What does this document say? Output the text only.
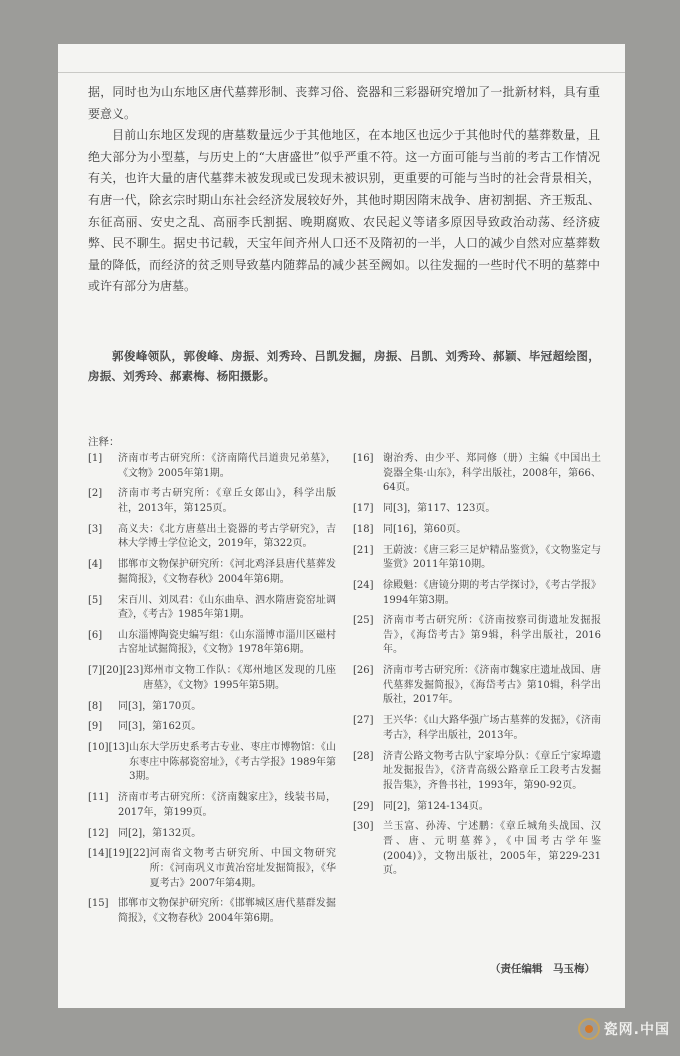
据，同时也为山东地区唐代墓葬形制、丧葬习俗、瓷器和三彩器研究增加了一批新材料，具有重要意义。

目前山东地区发现的唐墓数量远少于其他地区，在本地区也远少于其他时代的墓葬数量，且绝大部分为小型墓，与历史上的“大唐盛世”似乎严重不符。这一方面可能与当前的考古工作情况有关，也许大量的唐代墓葬未被发现或已发现未被识别，更重要的可能与当时的社会背景相关，有唐一代，除玄宗时期山东社会经济发展较好外，其他时期因隋末战争、唐初割据、齐王叛乱、东征高丽、安史之乱、高丽李氏割据、晚期腐败、农民起义等诸多原因导致政治动荡、经济疲弊、民不聊生。据史书记载，天宝年间齐州人口还不及隋初的一半，人口的减少自然对应墓葬数量的降低，而经济的贫乏则导致墓内随葬品的减少甚至阙如。以往发掘的一些时代不明的墓葬中或许有部分为唐墓。

郭俊峰领队，郭俊峰、房振、刘秀玲、吕凯发掘，房振、吕凯、刘秀玲、郝颖、毕冠超绘图，房振、刘秀玲、郝素梅、杨阳摄影。

注释：
[1]	济南市考古研究所：《济南隋代吕道贵兄弟墓》，《文物》2005年第1期。
[2]	济南市考古研究所：《章丘女郎山》，科学出版社，2013年，第125页。
[3]	高义夫：《北方唐墓出土瓷器的考古学研究》，吉林大学博士学位论文，2019年，第322页。
[4]	邯郸市文物保护研究所：《河北鸡泽县唐代墓葬发掘简报》，《文物春秋》2004年第6期。
[5]	宋百川、刘凤君：《山东曲阜、泗水隋唐瓷窑址调查》，《考古》1985年第1期。
[6]	山东淄博陶瓷史编写组：《山东淄博市淄川区磁村古窑址试掘简报》，《文物》1978年第6期。
[7][20][23] 郑州市文物工作队：《郑州地区发现的几座唐墓》，《文物》1995年第5期。
[8]	同[3]，第170页。
[9]	同[3]，第162页。
[10][13] 山东大学历史系考古专业、枣庄市博物馆：《山东枣庄中陈郝瓷窑址》，《考古学报》1989年第3期。
[11] 济南市考古研究所：《济南魏家庄》，线装书局，2017年，第199页。
[12] 同[2]，第132页。
[14][19][22] 河南省文物考古研究所、中国文物研究所：《河南巩义市黄冶窑址发掘简报》，《华夏考古》2007年第4期。
[15] 邯郸市文物保护研究所：《邯郸城区唐代墓群发掘简报》，《文物春秋》2004年第6期。
[16] 谢治秀、由少平、郑同修（册）主编《中国出土瓷器全集·山东》，科学出版社，2008年，第66、64页。
[17] 同[3]，第117、123页。
[18] 同[16]，第60页。
[21] 王蔚波：《唐三彩三足炉精品鉴赏》，《文物鉴定与鉴赏》2011年第10期。
[24] 徐殿魁：《唐镜分期的考古学探讨》，《考古学报》1994年第3期。
[25] 济南市考古研究所：《济南按察司街遗址发掘报告》，《海岱考古》第9辑，科学出版社，2016年。
[26] 济南市考古研究所：《济南市魏家庄遗址战国、唐代墓葬发掘简报》，《海岱考古》第10辑，科学出版社，2017年。
[27] 王兴华：《山大路华强广场古墓葬的发掘》，《济南考古》，科学出版社，2013年。
[28] 济青公路文物考古队宁家埠分队：《章丘宁家埠遗址发掘报告》，《济青高级公路章丘工段考古发掘报告集》，齐鲁书社，1993年，第90-92页。
[29] 同[2]，第124-134页。
[30] 兰玉富、孙涛、宁述鹏：《章丘城角头战国、汉晋、唐、元明墓葬》，《中国考古学年鉴(2004)》，文物出版社，2005年，第229-231页。
（责任编辑　马玉梅）
瓷网.中国
